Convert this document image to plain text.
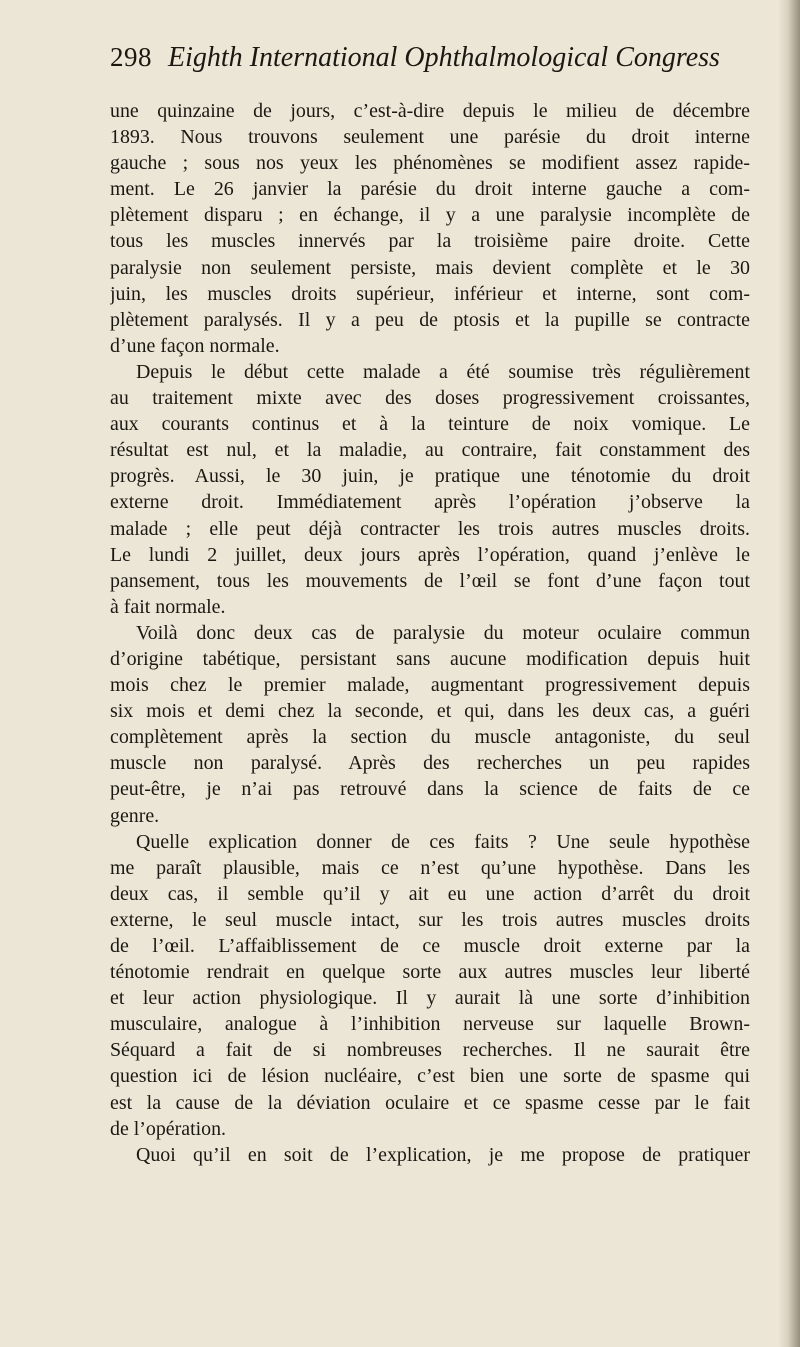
298 Eighth International Ophthalmological Congress
une quinzaine de jours, c’est-à-dire depuis le milieu de décembre
1893. Nous trouvons seulement une parésie du droit interne
gauche ; sous nos yeux les phénomènes se modifient assez rapide-
ment. Le 26 janvier la parésie du droit interne gauche a com-
plètement disparu ; en échange, il y a une paralysie incomplète de
tous les muscles innervés par la troisième paire droite. Cette
paralysie non seulement persiste, mais devient complète et le 30
juin, les muscles droits supérieur, inférieur et interne, sont com-
plètement paralysés. Il y a peu de ptosis et la pupille se contracte
d’une façon normale.
Depuis le début cette malade a été soumise très régulièrement
au traitement mixte avec des doses progressivement croissantes,
aux courants continus et à la teinture de noix vomique. Le
résultat est nul, et la maladie, au contraire, fait constamment des
progrès. Aussi, le 30 juin, je pratique une ténotomie du droit
externe droit. Immédiatement après l’opération j’observe la
malade ; elle peut déjà contracter les trois autres muscles droits.
Le lundi 2 juillet, deux jours après l’opération, quand j’enlève le
pansement, tous les mouvements de l’œil se font d’une façon tout
à fait normale.
Voilà donc deux cas de paralysie du moteur oculaire commun
d’origine tabétique, persistant sans aucune modification depuis huit
mois chez le premier malade, augmentant progressivement depuis
six mois et demi chez la seconde, et qui, dans les deux cas, a guéri
complètement après la section du muscle antagoniste, du seul
muscle non paralysé. Après des recherches un peu rapides
peut-être, je n’ai pas retrouvé dans la science de faits de ce
genre.
Quelle explication donner de ces faits ? Une seule hypothèse
me paraît plausible, mais ce n’est qu’une hypothèse. Dans les
deux cas, il semble qu’il y ait eu une action d’arrêt du droit
externe, le seul muscle intact, sur les trois autres muscles droits
de l’œil. L’affaiblissement de ce muscle droit externe par la
ténotomie rendrait en quelque sorte aux autres muscles leur liberté
et leur action physiologique. Il y aurait là une sorte d’inhibition
musculaire, analogue à l’inhibition nerveuse sur laquelle Brown-
Séquard a fait de si nombreuses recherches. Il ne saurait être
question ici de lésion nucléaire, c’est bien une sorte de spasme qui
est la cause de la déviation oculaire et ce spasme cesse par le fait
de l’opération.
Quoi qu’il en soit de l’explication, je me propose de pratiquer
